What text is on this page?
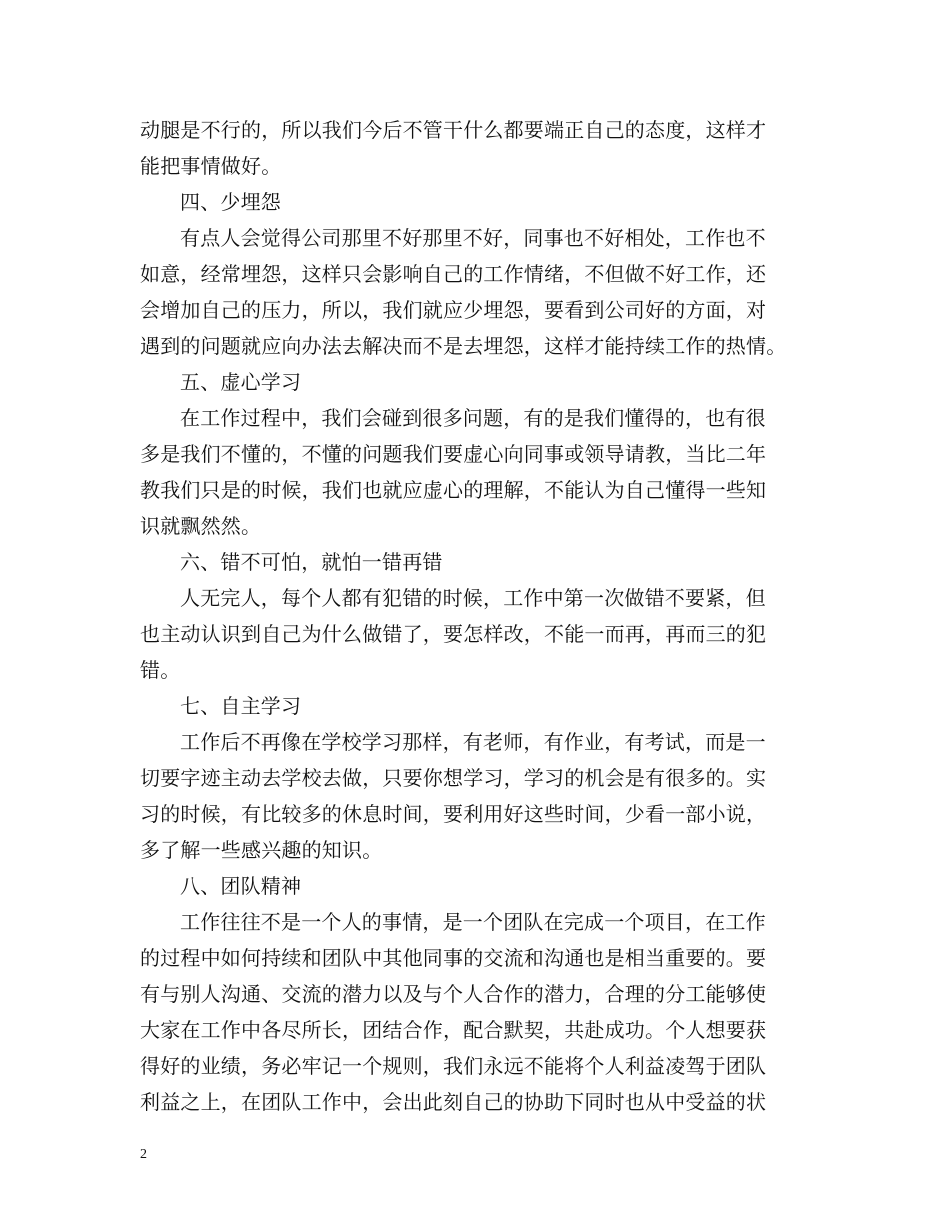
动腿是不行的，所以我们今后不管干什么都要端正自己的态度，这样才
能把事情做好。
四、少埋怨
有点人会觉得公司那里不好那里不好，同事也不好相处，工作也不
如意，经常埋怨，这样只会影响自己的工作情绪，不但做不好工作，还
会增加自己的压力，所以，我们就应少埋怨，要看到公司好的方面，对
遇到的问题就应向办法去解决而不是去埋怨，这样才能持续工作的热情。
五、虚心学习
在工作过程中，我们会碰到很多问题，有的是我们懂得的，也有很
多是我们不懂的，不懂的问题我们要虚心向同事或领导请教，当比二年
教我们只是的时候，我们也就应虚心的理解，不能认为自己懂得一些知
识就飘然然。
六、错不可怕，就怕一错再错
人无完人，每个人都有犯错的时候，工作中第一次做错不要紧，但
也主动认识到自己为什么做错了，要怎样改，不能一而再，再而三的犯
错。
七、自主学习
工作后不再像在学校学习那样，有老师，有作业，有考试，而是一
切要字迹主动去学校去做，只要你想学习，学习的机会是有很多的。实
习的时候，有比较多的休息时间，要利用好这些时间，少看一部小说，
多了解一些感兴趣的知识。
八、团队精神
工作往往不是一个人的事情，是一个团队在完成一个项目，在工作
的过程中如何持续和团队中其他同事的交流和沟通也是相当重要的。要
有与别人沟通、交流的潜力以及与个人合作的潜力，合理的分工能够使
大家在工作中各尽所长，团结合作，配合默契，共赴成功。个人想要获
得好的业绩，务必牢记一个规则，我们永远不能将个人利益凌驾于团队
利益之上，在团队工作中，会出此刻自己的协助下同时也从中受益的状
2
